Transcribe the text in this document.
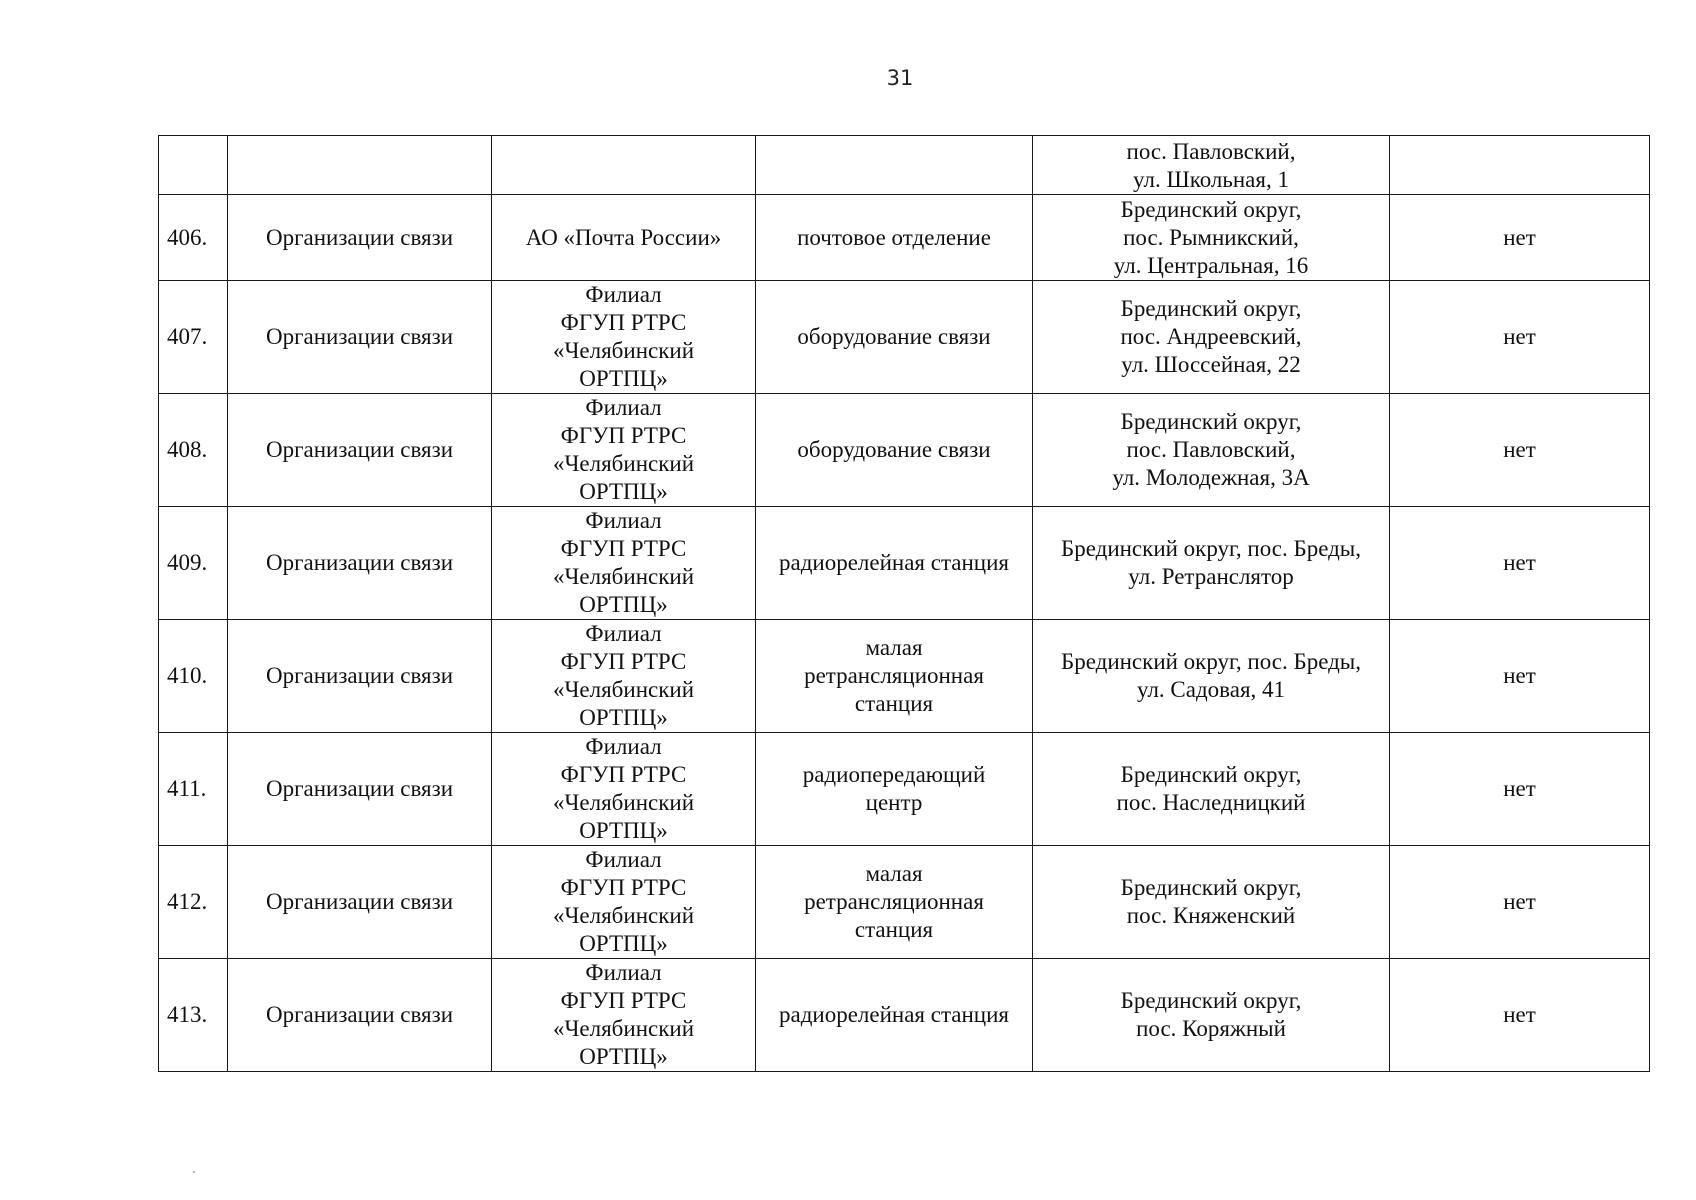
31

				пос. Павловский,
ул. Школьная, 1	

406.	Организации связи	АО «Почта России»	почтовое отделение	Брединский округ,
пос. Рымникский,
ул. Центральная, 16	нет

407.	Организации связи	Филиал
ФГУП РТРС
«Челябинский
ОРТПЦ»	оборудование связи	Брединский округ,
пос. Андреевский,
ул. Шоссейная, 22	нет

408.	Организации связи	Филиал
ФГУП РТРС
«Челябинский
ОРТПЦ»	оборудование связи	Брединский округ,
пос. Павловский,
ул. Молодежная, 3А	нет

409.	Организации связи	Филиал
ФГУП РТРС
«Челябинский
ОРТПЦ»	радиорелейная станция	Брединский округ, пос. Бреды,
ул. Ретранслятор	нет

410.	Организации связи	Филиал
ФГУП РТРС
«Челябинский
ОРТПЦ»	малая
ретрансляционная
станция	Брединский округ, пос. Бреды,
ул. Садовая, 41	нет

411.	Организации связи	Филиал
ФГУП РТРС
«Челябинский
ОРТПЦ»	радиопередающий
центр	Брединский округ,
пос. Наследницкий	нет

412.	Организации связи	Филиал
ФГУП РТРС
«Челябинский
ОРТПЦ»	малая
ретрансляционная
станция	Брединский округ,
пос. Княженский	нет

413.	Организации связи	Филиал
ФГУП РТРС
«Челябинский
ОРТПЦ»	радиорелейная станция	Брединский округ,
пос. Коряжный	нет
